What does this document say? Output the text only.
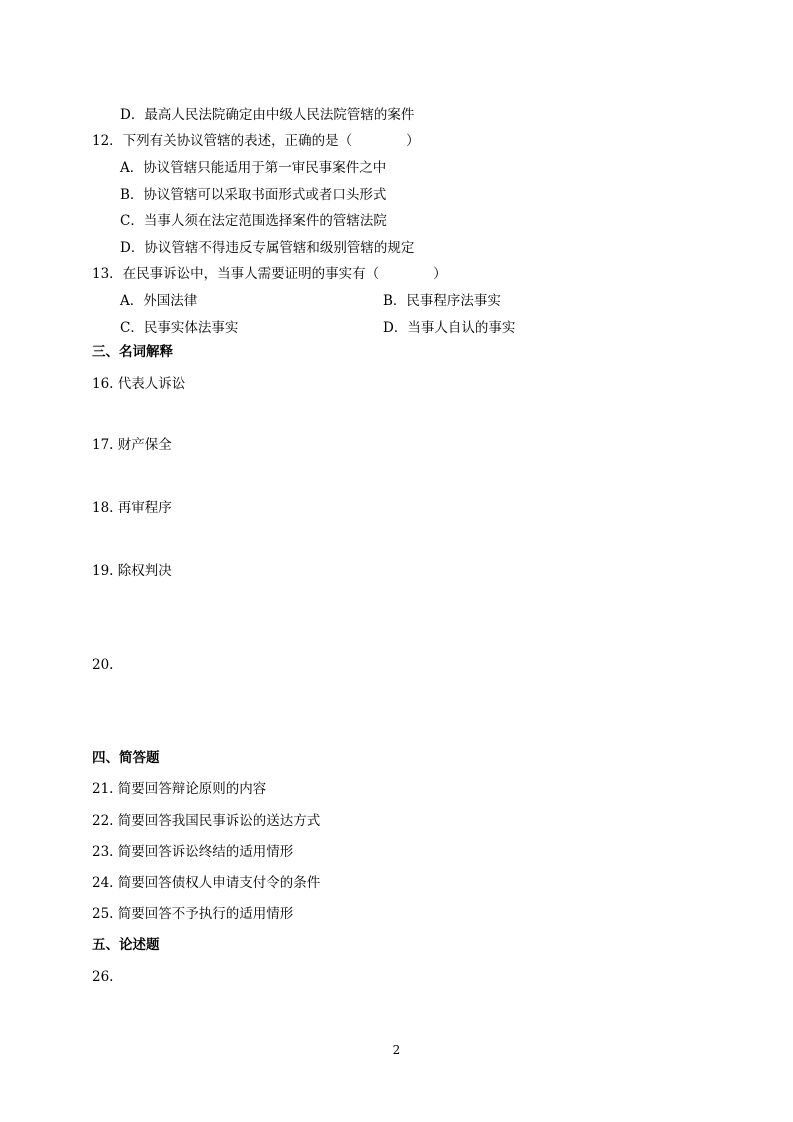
D．最高人民法院确定由中级人民法院管辖的案件
12．下列有关协议管辖的表述，正确的是（　　　　）
A．协议管辖只能适用于第一审民事案件之中
B．协议管辖可以采取书面形式或者口头形式
C．当事人须在法定范围选择案件的管辖法院
D．协议管辖不得违反专属管辖和级别管辖的规定
13．在民事诉讼中，当事人需要证明的事实有（　　　　）
A．外国法律	B．民事程序法事实
C．民事实体法事实	D．当事人自认的事实
三、名词解释
16. 代表人诉讼
17. 财产保全
18. 再审程序
19. 除权判决
20.
四、简答题
21. 简要回答辩论原则的内容
22. 简要回答我国民事诉讼的送达方式
23. 简要回答诉讼终结的适用情形
24. 简要回答债权人申请支付令的条件
25. 简要回答不予执行的适用情形
五、论述题
26.
2
